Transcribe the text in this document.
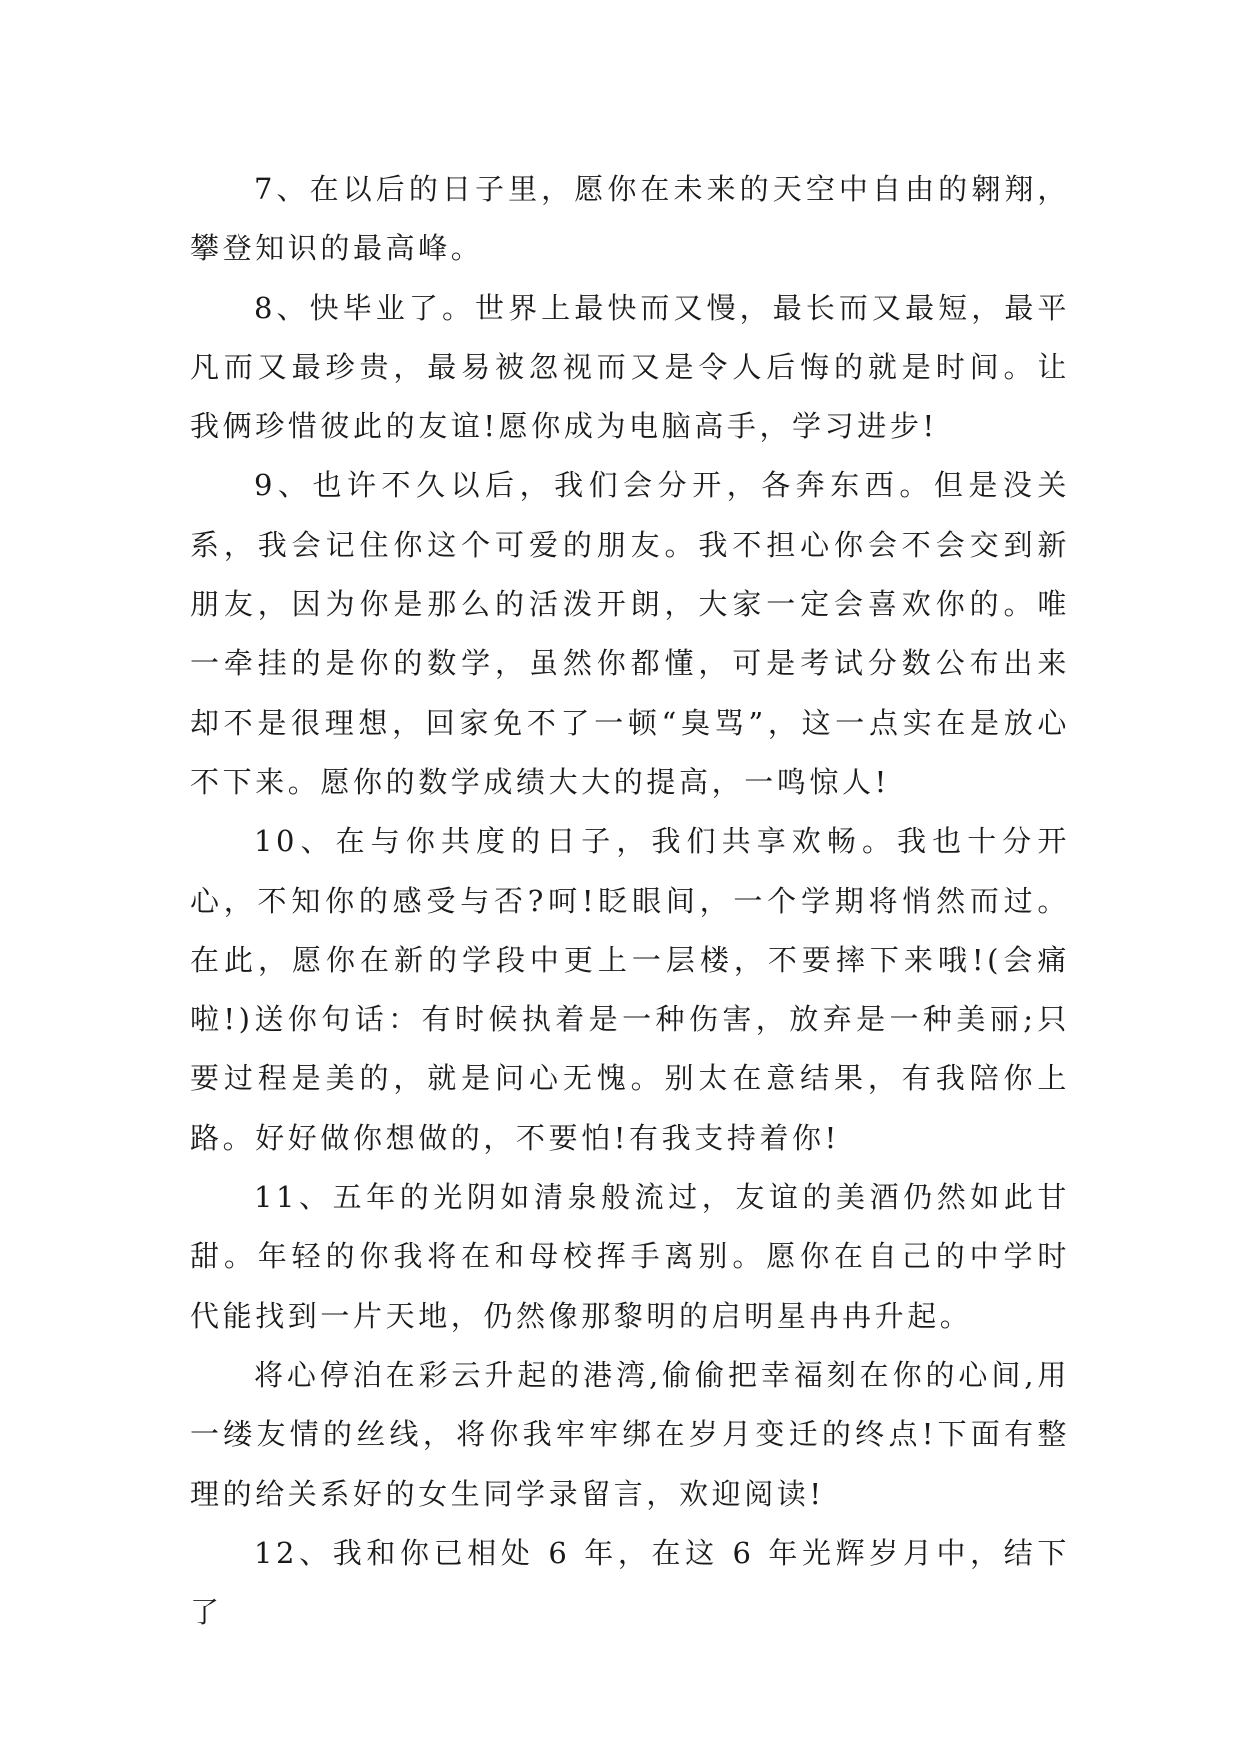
7、在以后的日子里，愿你在未来的天空中自由的翱翔，攀登知识的最高峰。

8、快毕业了。世界上最快而又慢，最长而又最短，最平凡而又最珍贵，最易被忽视而又是令人后悔的就是时间。让我俩珍惜彼此的友谊!愿你成为电脑高手，学习进步!

9、也许不久以后，我们会分开，各奔东西。但是没关系，我会记住你这个可爱的朋友。我不担心你会不会交到新朋友，因为你是那么的活泼开朗，大家一定会喜欢你的。唯一牵挂的是你的数学，虽然你都懂，可是考试分数公布出来却不是很理想，回家免不了一顿“臭骂”，这一点实在是放心不下来。愿你的数学成绩大大的提高，一鸣惊人!

10、在与你共度的日子，我们共享欢畅。我也十分开心，不知你的感受与否?呵!眨眼间，一个学期将悄然而过。在此，愿你在新的学段中更上一层楼，不要摔下来哦!(会痛啦!)送你句话：有时候执着是一种伤害，放弃是一种美丽;只要过程是美的，就是问心无愧。别太在意结果，有我陪你上路。好好做你想做的，不要怕!有我支持着你!

11、五年的光阴如清泉般流过，友谊的美酒仍然如此甘甜。年轻的你我将在和母校挥手离别。愿你在自己的中学时代能找到一片天地，仍然像那黎明的启明星冉冉升起。

将心停泊在彩云升起的港湾,偷偷把幸福刻在你的心间,用一缕友情的丝线，将你我牢牢绑在岁月变迁的终点!下面有整理的给关系好的女生同学录留言，欢迎阅读!

12、我和你已相处 6 年，在这 6 年光辉岁月中，结下了
